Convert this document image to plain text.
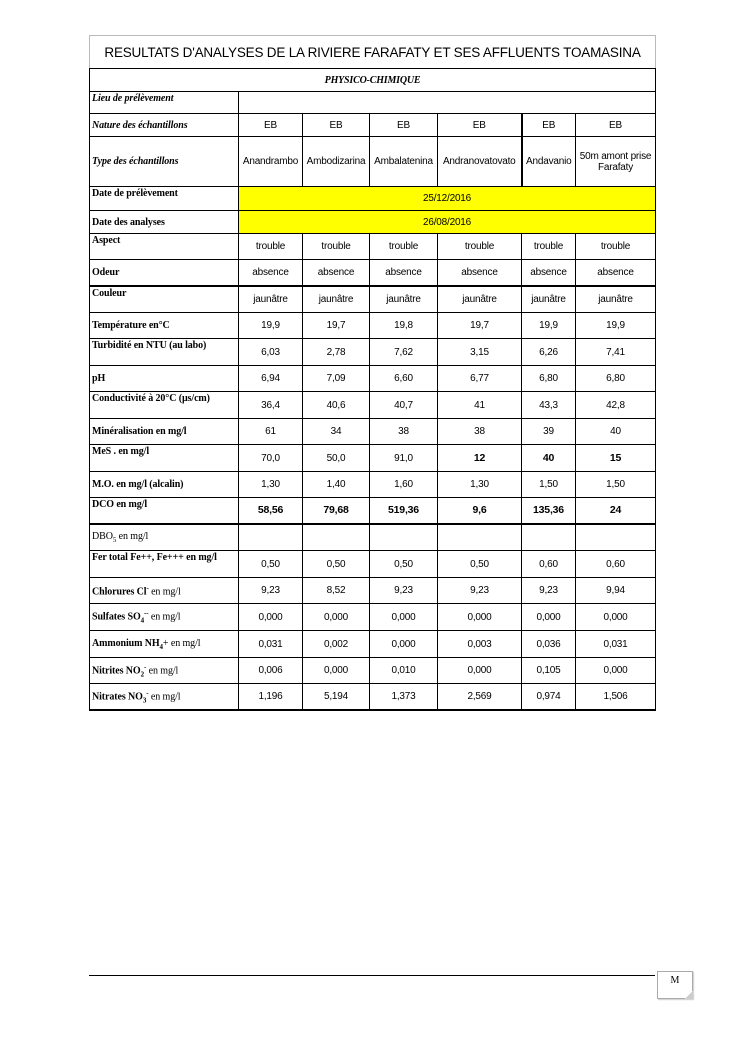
RESULTATS D'ANALYSES DE LA RIVIERE FARAFATY ET SES AFFLUENTS TOAMASINA						
PHYSICO-CHIMIQUE						
Lieu de prélèvement						
Nature des échantillons	EB	EB	EB	EB	EB	EB
Type des échantillons	Anandrambo	Ambodizarina	Ambalatenina	Andranovatovato	Andavanio	50m amont prise Farafaty
Date de prélèvement	25/12/2016					
Date des analyses	26/08/2016					
Aspect	trouble	trouble	trouble	trouble	trouble	trouble
Odeur	absence	absence	absence	absence	absence	absence
Couleur	jaunâtre	jaunâtre	jaunâtre	jaunâtre	jaunâtre	jaunâtre
Température en°C	19,9	19,7	19,8	19,7	19,9	19,9
Turbidité en NTU (au labo)	6,03	2,78	7,62	3,15	6,26	7,41
pH	6,94	7,09	6,60	6,77	6,80	6,80
Conductivité à 20°C (µs/cm)	36,4	40,6	40,7	41	43,3	42,8
Minéralisation en mg/l	61	34	38	38	39	40
MeS . en mg/l	70,0	50,0	91,0	12	40	15
M.O. en mg/l (alcalin)	1,30	1,40	1,60	1,30	1,50	1,50
DCO en mg/l	58,56	79,68	519,36	9,6	135,36	24
$DBO_5$ en mg/l						
Fer total Fe++, Fe+++ en mg/l	0,50	0,50	0,50	0,50	0,60	0,60
Chlorures Cl- en mg/l	9,23	8,52	9,23	9,23	9,23	9,94
Sulfates $SO_4^{--}$ en mg/l	0,000	0,000	0,000	0,000	0,000	0,000
Ammonium $NH_4+$ en mg/l	0,031	0,002	0,000	0,003	0,036	0,031
Nitrites $NO_2^-$ en mg/l	0,006	0,000	0,010	0,000	0,105	0,000
Nitrates $NO_3^-$ en mg/l	1,196	5,194	1,373	2,569	0,974	1,506
M
